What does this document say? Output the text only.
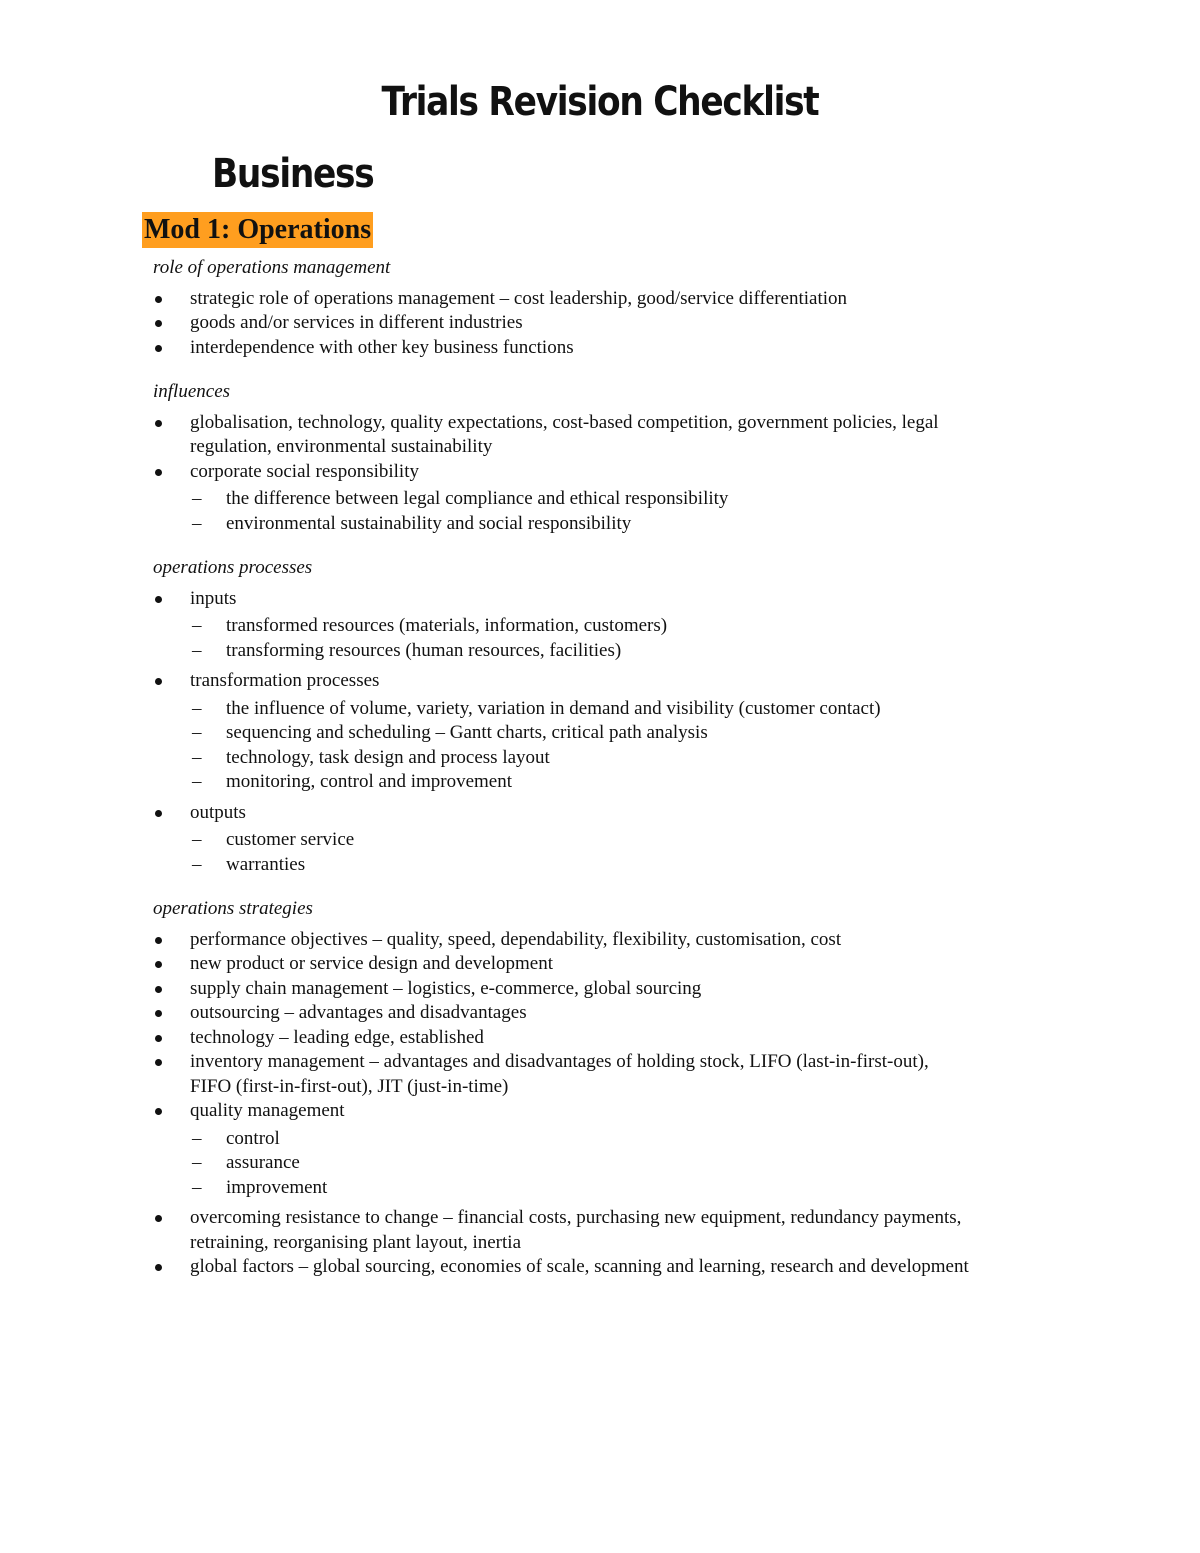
Trials Revision Checklist
Business
Mod 1: Operations
role of operations management
strategic role of operations management – cost leadership, good/service differentiation
goods and/or services in different industries
interdependence with other key business functions
influences
globalisation, technology, quality expectations, cost-based competition, government policies, legal regulation, environmental sustainability
corporate social responsibility
– the difference between legal compliance and ethical responsibility
– environmental sustainability and social responsibility
operations processes
inputs
– transformed resources (materials, information, customers)
– transforming resources (human resources, facilities)
transformation processes
– the influence of volume, variety, variation in demand and visibility (customer contact)
– sequencing and scheduling – Gantt charts, critical path analysis
– technology, task design and process layout
– monitoring, control and improvement
outputs
– customer service
– warranties
operations strategies
performance objectives – quality, speed, dependability, flexibility, customisation, cost
new product or service design and development
supply chain management – logistics, e-commerce, global sourcing
outsourcing – advantages and disadvantages
technology – leading edge, established
inventory management – advantages and disadvantages of holding stock, LIFO (last-in-first-out), FIFO (first-in-first-out), JIT (just-in-time)
quality management
– control
– assurance
– improvement
overcoming resistance to change – financial costs, purchasing new equipment, redundancy payments, retraining, reorganising plant layout, inertia
global factors – global sourcing, economies of scale, scanning and learning, research and development
